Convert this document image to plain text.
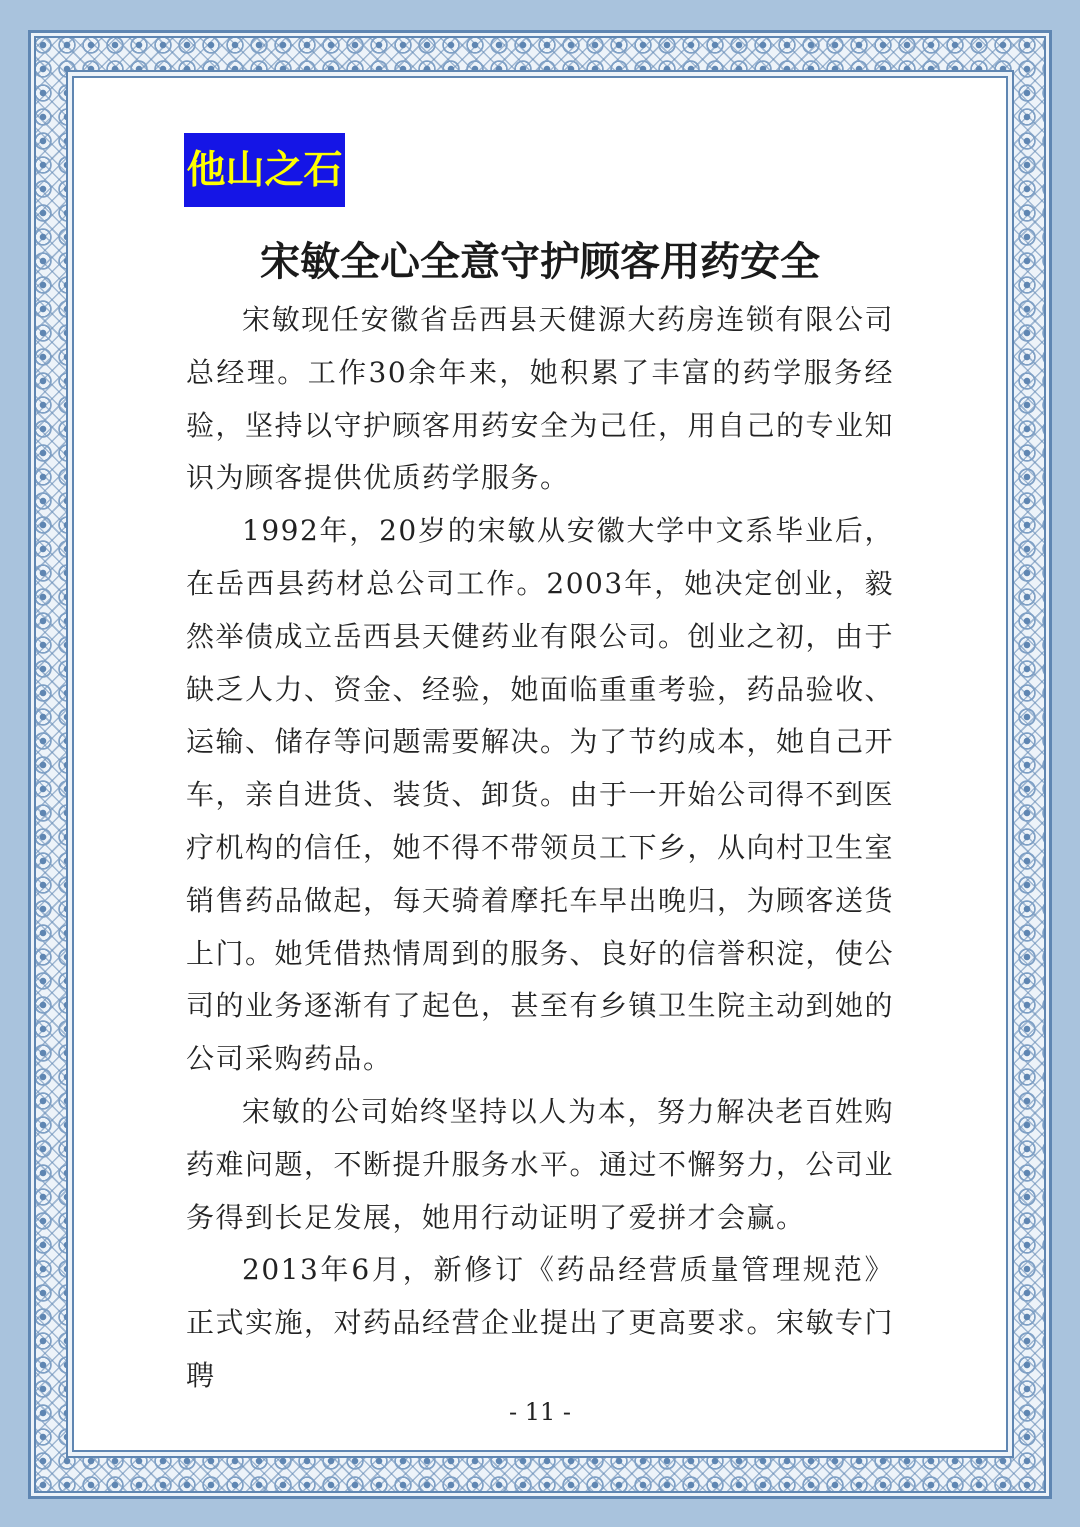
他山之石
宋敏全心全意守护顾客用药安全

宋敏现任安徽省岳西县天健源大药房连锁有限公司总经理。工作30余年来，她积累了丰富的药学服务经验，坚持以守护顾客用药安全为己任，用自己的专业知识为顾客提供优质药学服务。

1992年，20岁的宋敏从安徽大学中文系毕业后，在岳西县药材总公司工作。2003年，她决定创业，毅然举债成立岳西县天健药业有限公司。创业之初，由于缺乏人力、资金、经验，她面临重重考验，药品验收、运输、储存等问题需要解决。为了节约成本，她自己开车，亲自进货、装货、卸货。由于一开始公司得不到医疗机构的信任，她不得不带领员工下乡，从向村卫生室销售药品做起，每天骑着摩托车早出晚归，为顾客送货上门。她凭借热情周到的服务、良好的信誉积淀，使公司的业务逐渐有了起色，甚至有乡镇卫生院主动到她的公司采购药品。

宋敏的公司始终坚持以人为本，努力解决老百姓购药难问题，不断提升服务水平。通过不懈努力，公司业务得到长足发展，她用行动证明了爱拼才会赢。

2013年6月，新修订《药品经营质量管理规范》正式实施，对药品经营企业提出了更高要求。宋敏专门聘

- 11 -
